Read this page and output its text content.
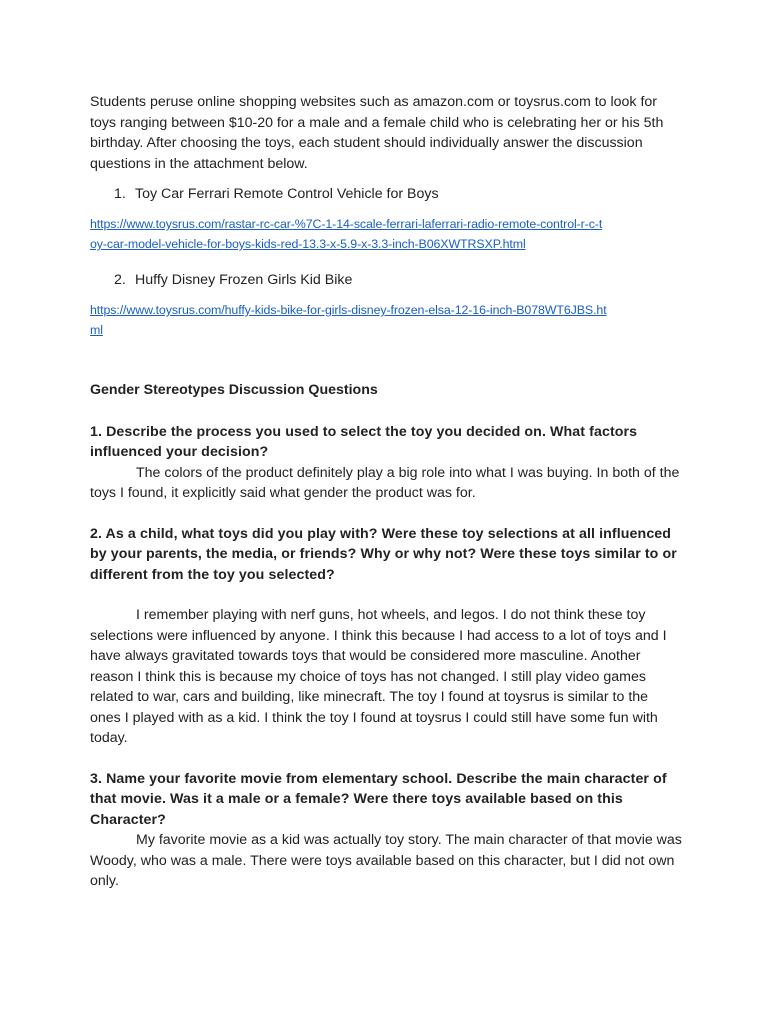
Students peruse online shopping websites such as amazon.com or toysrus.com to look for toys ranging between $10-20 for a male and a female child who is celebrating her or his 5th birthday. After choosing the toys, each student should individually answer the discussion questions in the attachment below.

1. Toy Car Ferrari Remote Control Vehicle for Boys

https://www.toysrus.com/rastar-rc-car-%7C-1-14-scale-ferrari-laferrari-radio-remote-control-r-c-t
oy-car-model-vehicle-for-boys-kids-red-13.3-x-5.9-x-3.3-inch-B06XWTRSXP.html

2. Huffy Disney Frozen Girls Kid Bike

https://www.toysrus.com/huffy-kids-bike-for-girls-disney-frozen-elsa-12-16-inch-B078WT6JBS.ht
ml

Gender Stereotypes Discussion Questions

1. Describe the process you used to select the toy you decided on. What factors influenced your decision?

The colors of the product definitely play a big role into what I was buying. In both of the toys I found, it explicitly said what gender the product was for.

2. As a child, what toys did you play with? Were these toy selections at all influenced by your parents, the media, or friends? Why or why not? Were these toys similar to or different from the toy you selected?

I remember playing with nerf guns, hot wheels, and legos. I do not think these toy selections were influenced by anyone. I think this because I had access to a lot of toys and I have always gravitated towards toys that would be considered more masculine. Another reason I think this is because my choice of toys has not changed. I still play video games related to war, cars and building, like minecraft. The toy I found at toysrus is similar to the ones I played with as a kid. I think the toy I found at toysrus I could still have some fun with today.

3. Name your favorite movie from elementary school. Describe the main character of that movie. Was it a male or a female? Were there toys available based on this Character?

My favorite movie as a kid was actually toy story. The main character of that movie was Woody, who was a male. There were toys available based on this character, but I did not own only.
